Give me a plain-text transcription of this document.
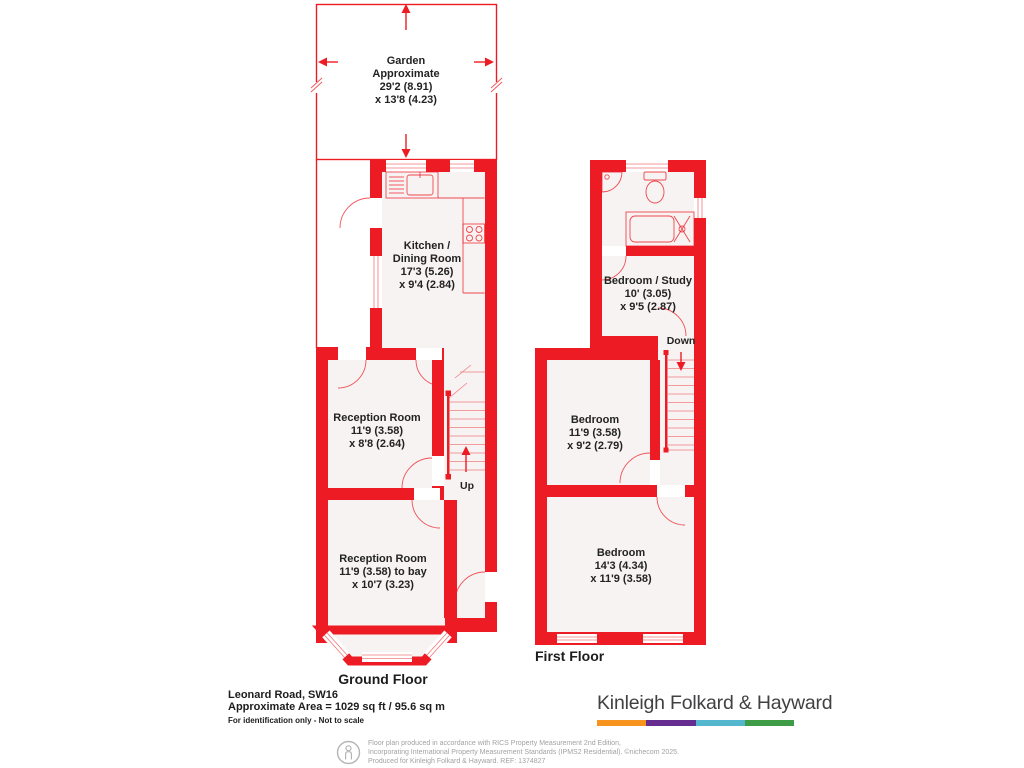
Garden
Approximate
29'2 (8.91)
x 13'8 (4.23)
Up
Kitchen /
Dining Room
17'3 (5.26)
x 9'4 (2.84)
Reception Room
11'9 (3.58)
x 8'8 (2.64)
Reception Room
11'9 (3.58) to bay
x 10'7 (3.23)
Ground Floor
Down
Bedroom / Study
10' (3.05)
x 9'5 (2.87)
Bedroom
11'9 (3.58)
x 9'2 (2.79)
Bedroom
14'3 (4.34)
x 11'9 (3.58)
First Floor
Leonard Road, SW16
Approximate Area = 1029 sq ft / 95.6 sq m
For identification only - Not to scale
Kinleigh Folkard & Hayward
Floor plan produced in accordance with RICS Property Measurement 2nd Edition,
Incorporating International Property Measurement Standards (IPMS2 Residential). ©nichecom 2025.
Produced for Kinleigh Folkard & Hayward. REF: 1374827
